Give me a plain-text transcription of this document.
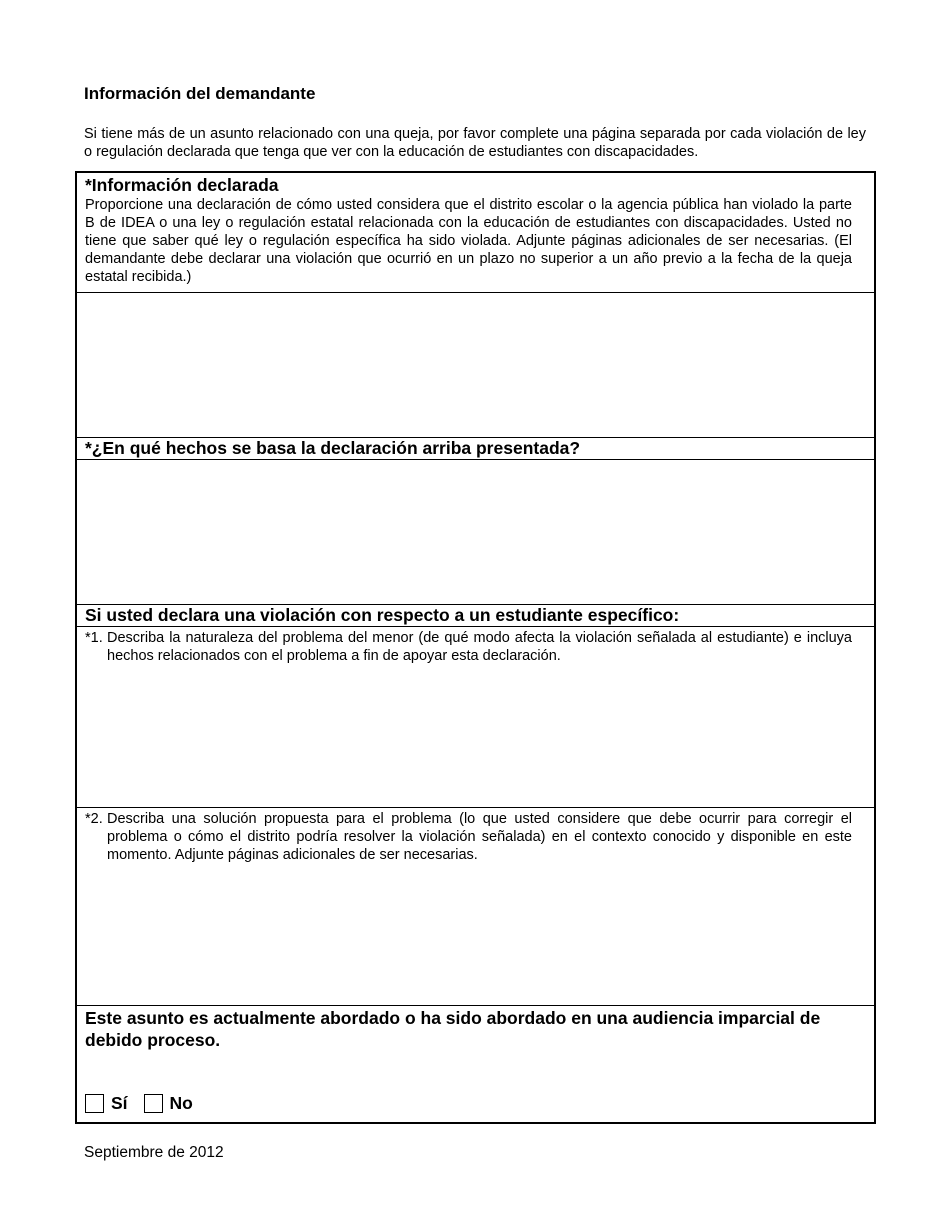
Información del demandante
Si tiene más de un asunto relacionado con una queja, por favor complete una página separada por cada violación de ley o regulación declarada que tenga que ver con la educación de estudiantes con discapacidades.
*Información declarada
Proporcione una declaración de cómo usted considera que el distrito escolar o la agencia pública han violado la parte B de IDEA o una ley o regulación estatal relacionada con la educación de estudiantes con discapacidades. Usted no tiene que saber qué ley o regulación específica ha sido violada. Adjunte páginas adicionales de ser necesarias. (El demandante debe declarar una violación que ocurrió en un plazo no superior a un año previo a la fecha de la queja estatal recibida.)
*¿En qué hechos se basa la declaración arriba presentada?
Si usted declara una violación con respecto a un estudiante específico:
*1. Describa la naturaleza del problema del menor (de qué modo afecta la violación señalada al estudiante) e incluya hechos relacionados con el problema a fin de apoyar esta declaración.
*2. Describa una solución propuesta para el problema (lo que usted considere que debe ocurrir para corregir el problema o cómo el distrito podría resolver la violación señalada) en el contexto conocido y disponible en este momento. Adjunte páginas adicionales de ser necesarias.
Este asunto es actualmente abordado o ha sido abordado en una audiencia imparcial de debido proceso.
Sí No
Septiembre de 2012
